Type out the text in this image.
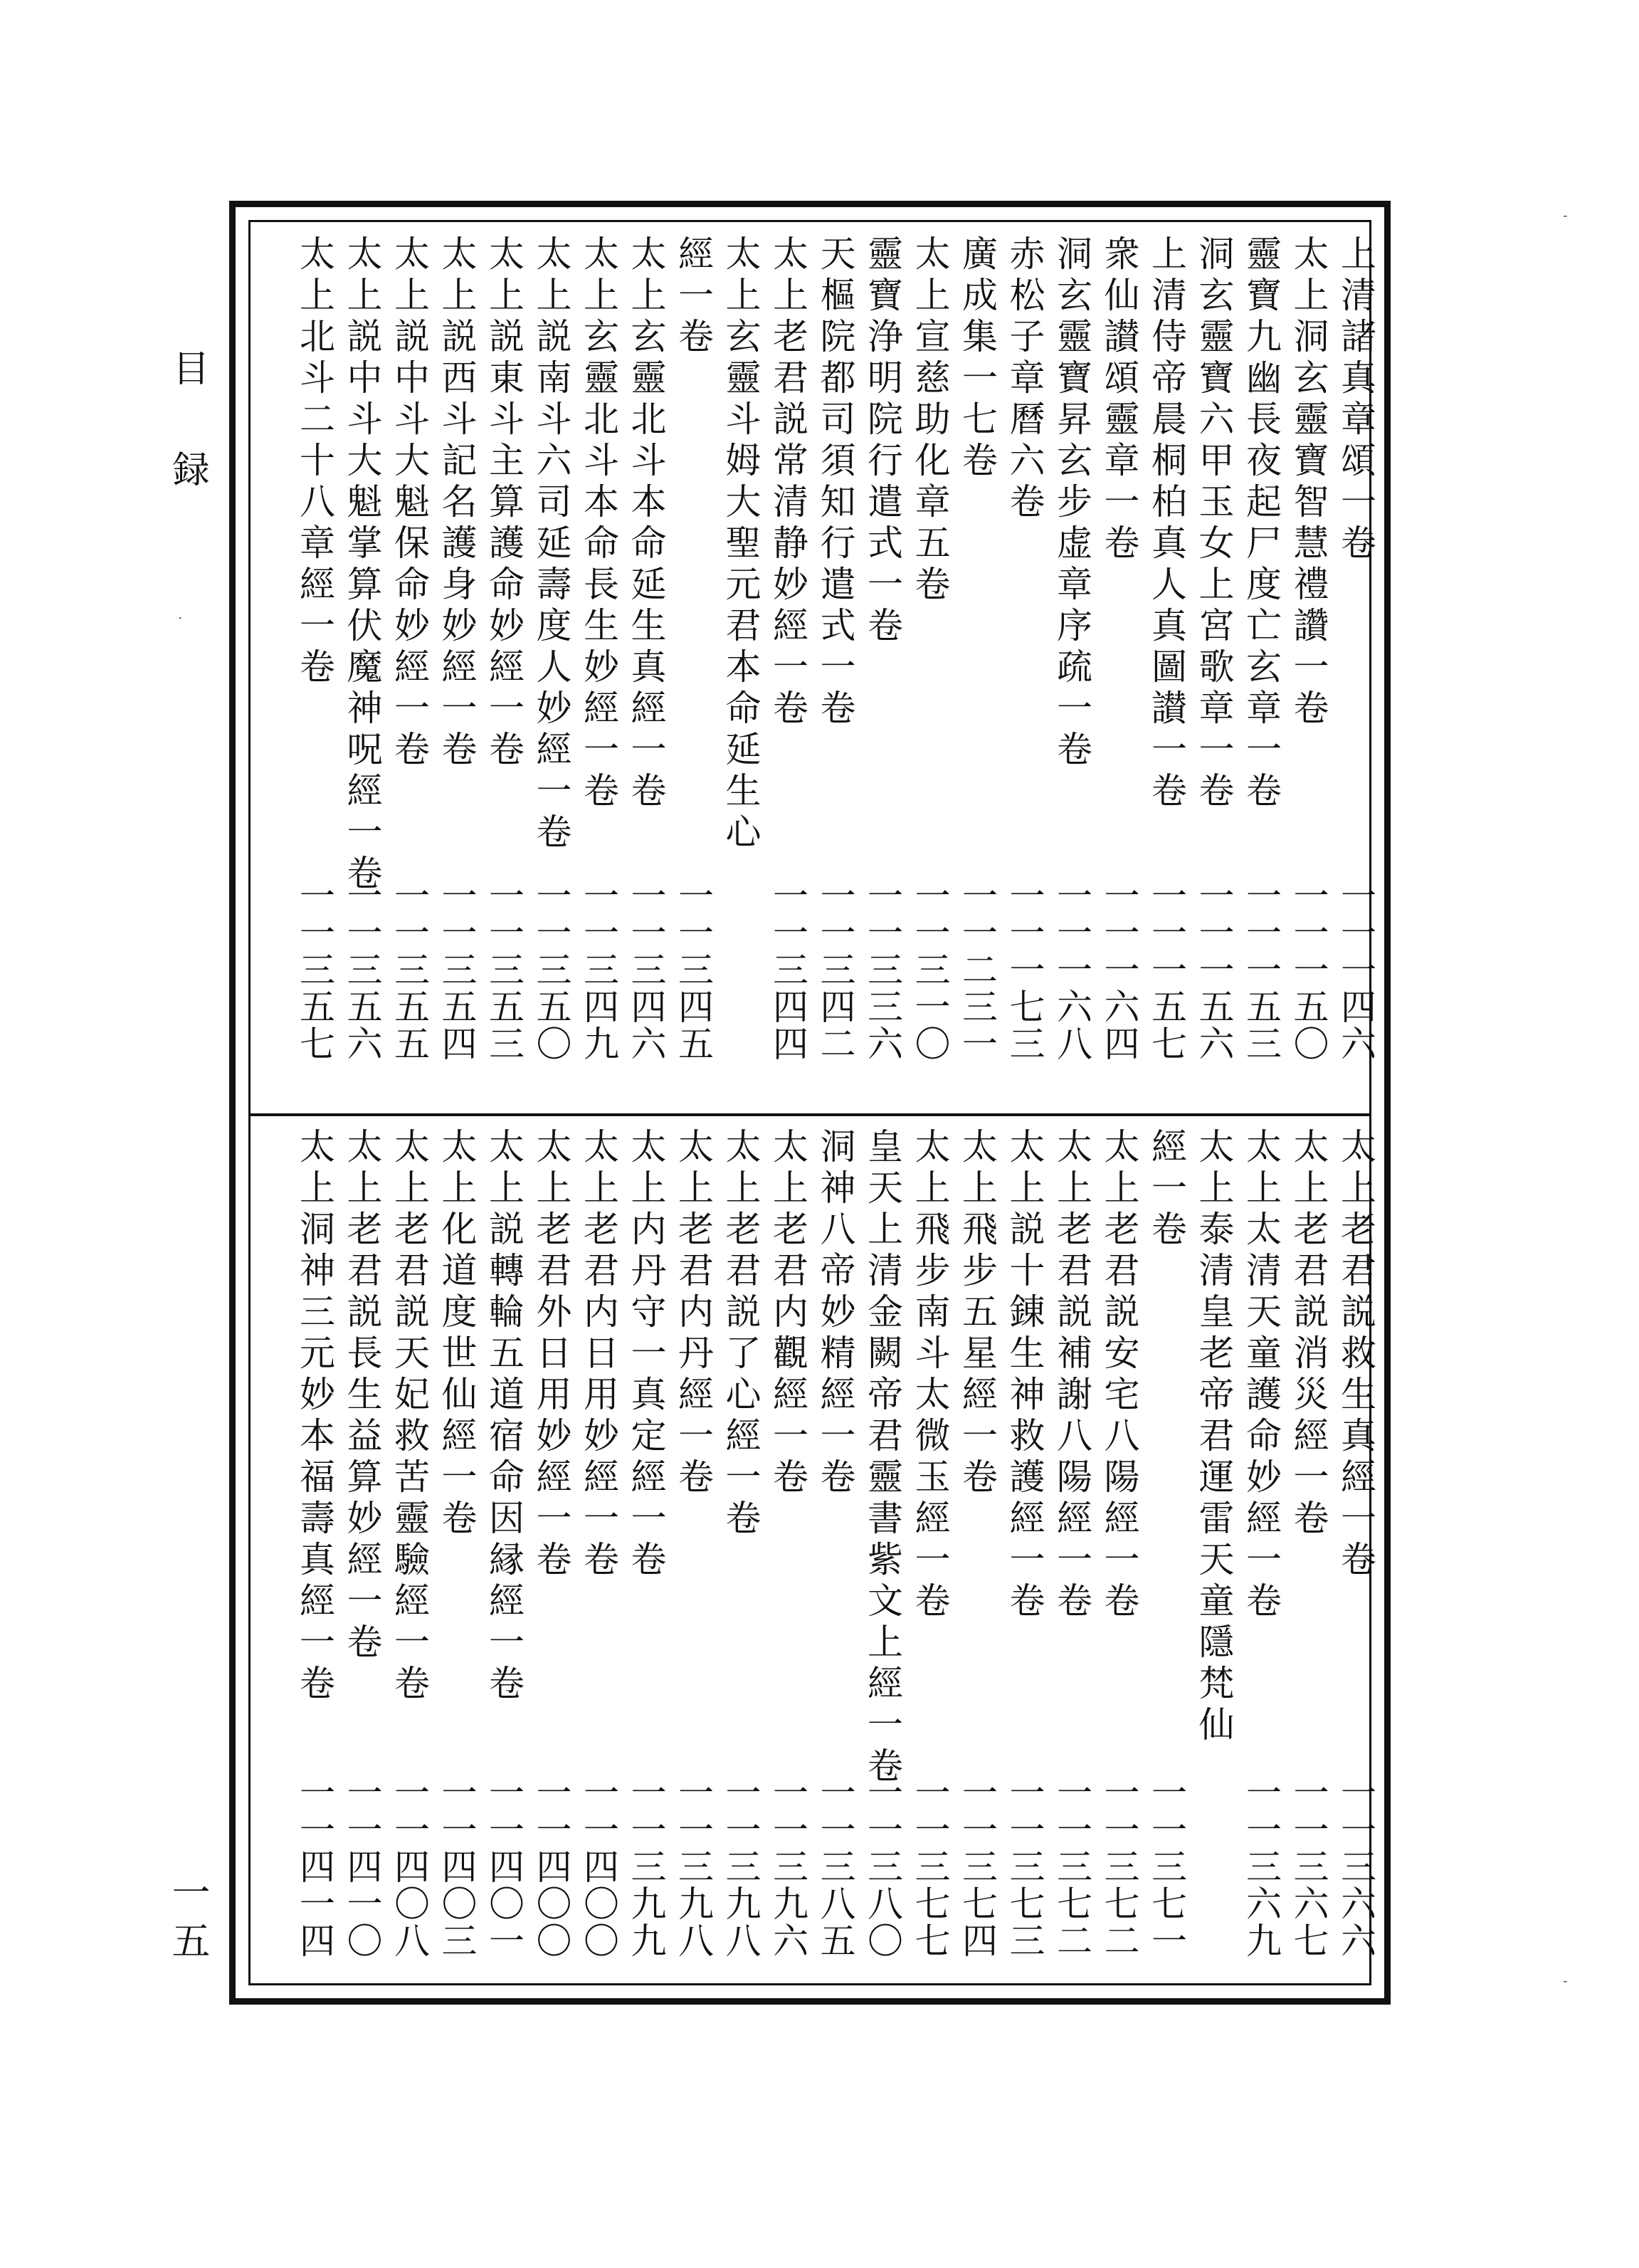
目録
一五
-
·
-
上清諸真章頌一卷
一一一四六
太上洞玄靈寶智慧禮讚一卷
一一一五〇
靈寶九幽長夜起尸度亡玄章一卷
一一一五三
洞玄靈寶六甲玉女上宮歌章一卷
一一一五六
上清侍帝晨桐柏真人真圖讃一卷
一一一五七
衆仙讃頌靈章一卷
一一一六四
洞玄靈寶昇玄步虚章序疏一卷
一一一六八
赤松子章曆六卷
一一一七三
廣成集一七卷
一一二三一
太上宣慈助化章五卷
一一三一〇
靈寶浄明院行遣式一卷
一一三三六
天樞院都司須知行遣式一卷
一一三四二
太上老君説常清静妙經一卷
一一三四四
太上玄靈斗姆大聖元君本命延生心
經一卷
一一三四五
太上玄靈北斗本命延生真經一卷
一一三四六
太上玄靈北斗本命長生妙經一卷
一一三四九
太上説南斗六司延壽度人妙經一卷
一一三五〇
太上説東斗主算護命妙經一卷
一一三五三
太上説西斗記名護身妙經一卷
一一三五四
太上説中斗大魁保命妙經一卷
一一三五五
太上説中斗大魁掌算伏魔神呪經一卷
一一三五六
太上北斗二十八章經一卷
一一三五七
太上老君説救生真經一卷
一一三六六
太上老君説消災經一卷
一一三六七
太上太清天童護命妙經一卷
一一三六九
太上泰清皇老帝君運雷天童隱梵仙
經一卷
一一三七一
太上老君説安宅八陽經一卷
一一三七二
太上老君説補謝八陽經一卷
一一三七二
太上説十錬生神救護經一卷
一一三七三
太上飛步五星經一卷
一一三七四
太上飛步南斗太微玉經一卷
一一三七七
皇天上清金闕帝君靈書紫文上經一卷
一一三八〇
洞神八帝妙精經一卷
一一三八五
太上老君内觀經一卷
一一三九六
太上老君説了心經一卷
一一三九八
太上老君内丹經一卷
一一三九八
太上内丹守一真定經一卷
一一三九九
太上老君内日用妙經一卷
一一四〇〇
太上老君外日用妙經一卷
一一四〇〇
太上説轉輪五道宿命因縁經一卷
一一四〇一
太上化道度世仙經一卷
一一四〇三
太上老君説天妃救苦靈驗經一卷
一一四〇八
太上老君説長生益算妙經一卷
一一四一〇
太上洞神三元妙本福壽真經一卷
一一四一四
